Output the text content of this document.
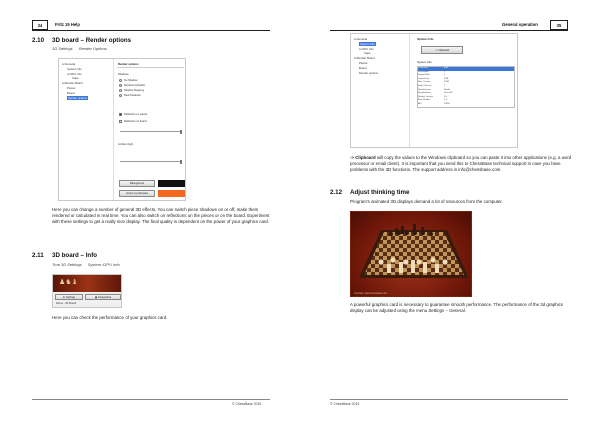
34	Fritz 15 Help
2.10 3D board – Render options
3D Settings Render Options
⊟ General
System Info
⊟ GPU Info
Caps
⊟ Render Board
Pieces
Board
Render options
Render options
Shadows
No Shadow
Rendered shadow
Shadow Mapping
Real Shadows
Reflection on pieces
Reflection on board
Ambient light
Background
Colour Coordinates
Here you can change a number of general 3D effects. You can switch piece shadows on or off, make them rendered or calculated in real time. You can also switch on reflections on the pieces or on the board. Experiment with these settings to get a really nice display. The final quality is dependent on the power of your graphics card.
2.11 3D board – Info
True 3D Settings System /GPU Info
♟♞♝
⚙
Settings	▣
Screenshot
Demo - 3D Board
Here you can check the performance of your graphics card.
© ChessBase 2015
General operation	35
⊟ General
System Info
⊟ GPU Info
Caps
⊟ Render Board
Pieces
Board
Render options
Options Info
-> Clipboard
System Info
Processor	Intel
Description	1
Engine MHz	3
Logical ram	3GB
Max. Texture	2048
Mode Version	2
Manufacturer	Nvidia
Renderdriver	Direct3D
Shader Version	3.0
Best Shader	3.0
API	D3D9
-> Clipboard will copy the values to the Windows clipboard so you can paste it into other applications (e.g. a word processor or email client). It is important that you send this to ChessBase technical support in case you have problems with the 3D functions. The support address is info@chessbase.com.
2.12 Adjust thinking time
Program's animated 3D displays demand a lot of resources from the computer.
Courtesy: www.chessbase.com
A powerful graphics card is necessary to guarantee smooth performance. The performance of the 3d graphics display can be adjusted using the menu Settings – General.
© ChessBase 2015
